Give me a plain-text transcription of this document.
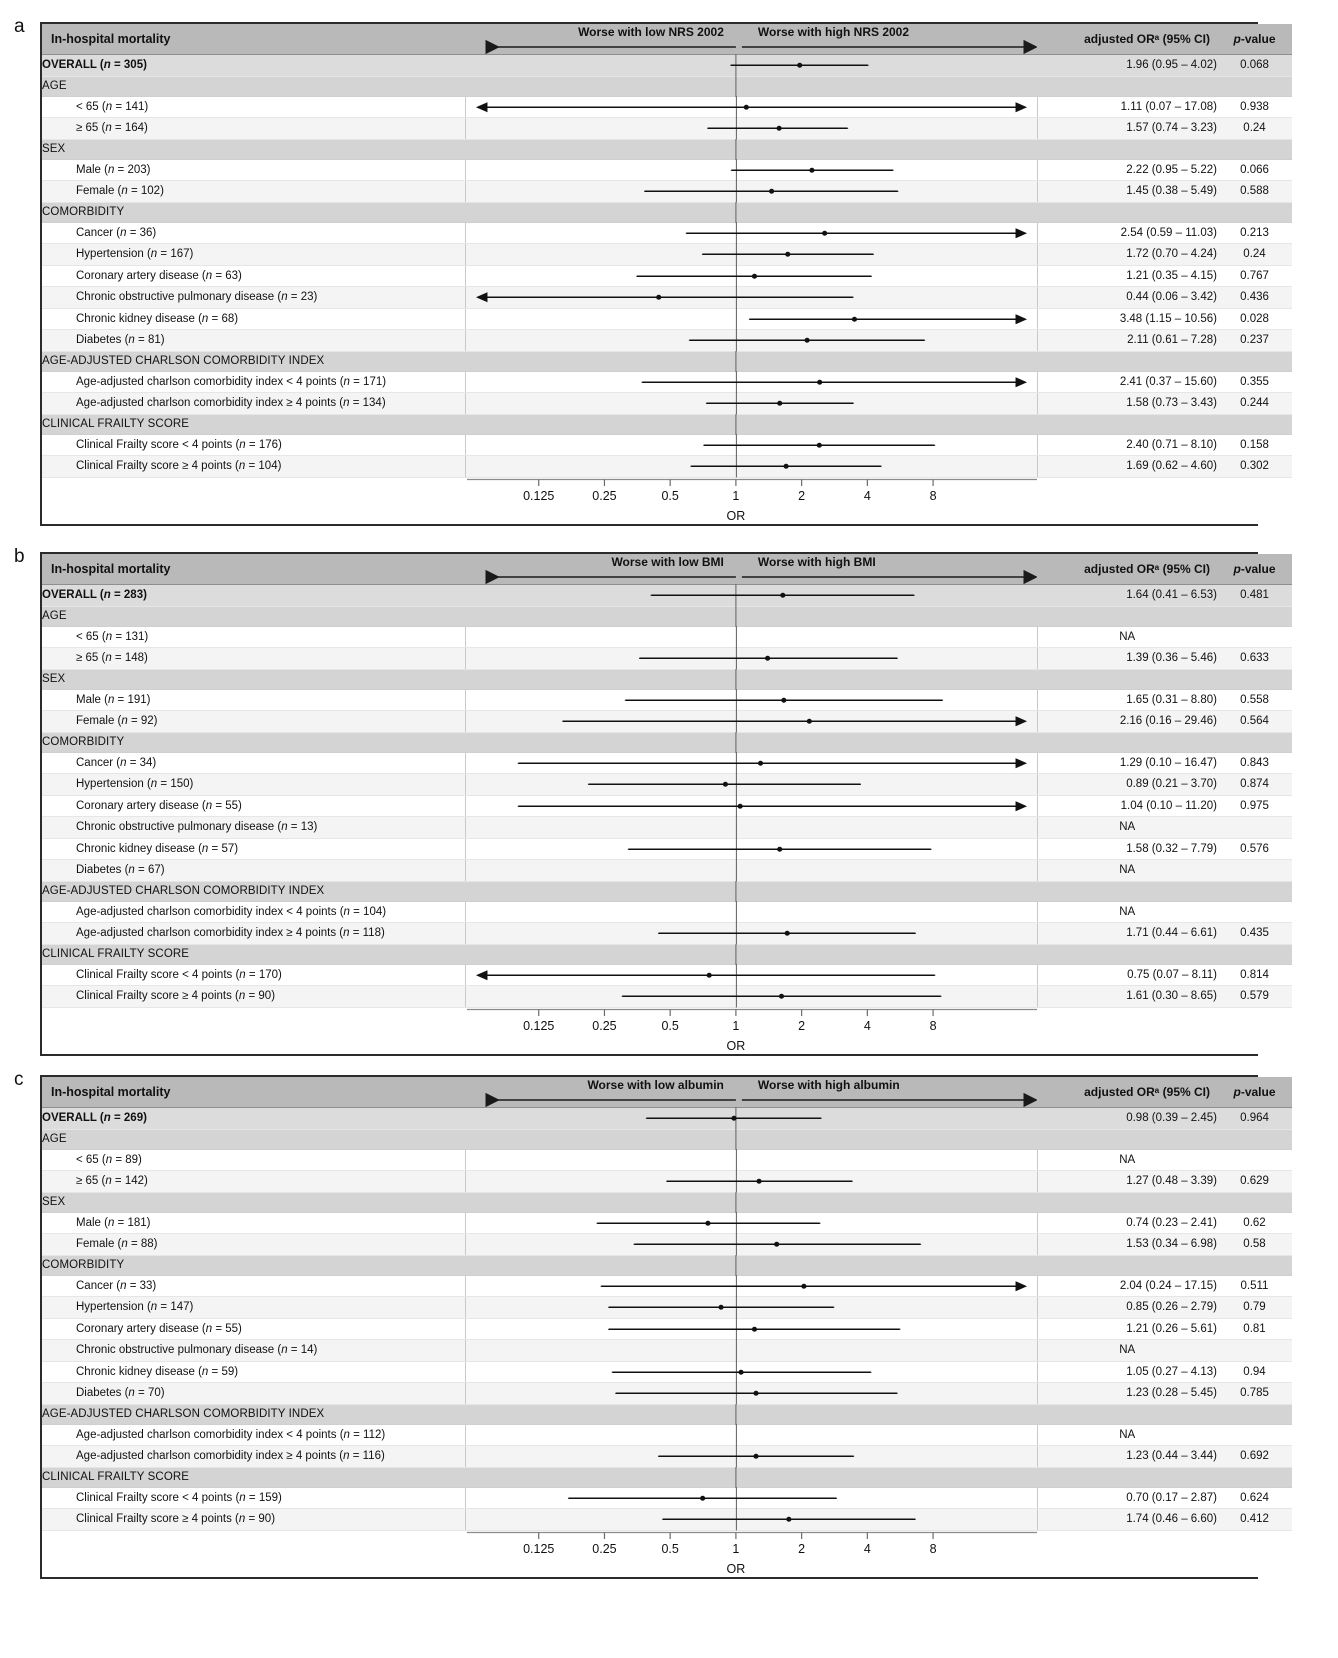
a
In-hospital mortality	Worse with low NRS 2002 Worse with high NRS 2002	adjusted ORᵃ (95% CI)	p-value
OVERALL (n = 305)		1.96 (0.95 – 4.02)	0.068
AGE	

< 65 (n = 141)		1.11 (0.07 – 17.08)	0.938
≥ 65 (n = 164)		1.57 (0.74 – 3.23)	0.24
SEX	

Male (n = 203)		2.22 (0.95 – 5.22)	0.066
Female (n = 102)		1.45 (0.38 – 5.49)	0.588
COMORBIDITY	

Cancer (n = 36)		2.54 (0.59 – 11.03)	0.213
Hypertension (n = 167)		1.72 (0.70 – 4.24)	0.24
Coronary artery disease (n = 63)		1.21 (0.35 – 4.15)	0.767
Chronic obstructive pulmonary disease (n = 23)		0.44 (0.06 – 3.42)	0.436
Chronic kidney disease (n = 68)		3.48 (1.15 – 10.56)	0.028
Diabetes (n = 81)		2.11 (0.61 – 7.28)	0.237
AGE-ADJUSTED CHARLSON COMORBIDITY INDEX	

Age-adjusted charlson comorbidity index < 4 points (n = 171)		2.41 (0.37 – 15.60)	0.355
Age-adjusted charlson comorbidity index ≥ 4 points (n = 134)		1.58 (0.73 – 3.43)	0.244
CLINICAL FRAILTY SCORE	

Clinical Frailty score < 4 points (n = 176)		2.40 (0.71 – 8.10)	0.158
Clinical Frailty score ≥ 4 points (n = 104)		1.69 (0.62 – 4.60)	0.302

0.125	0.25	0.5	1	2	4	8
OR

b
In-hospital mortality	Worse with low BMI Worse with high BMI	adjusted ORᵃ (95% CI)	p-value
OVERALL (n = 283)		1.64 (0.41 – 6.53)	0.481
AGE	

< 65 (n = 131)		NA	
≥ 65 (n = 148)		1.39 (0.36 – 5.46)	0.633
SEX	

Male (n = 191)		1.65 (0.31 – 8.80)	0.558
Female (n = 92)		2.16 (0.16 – 29.46)	0.564
COMORBIDITY	

Cancer (n = 34)		1.29 (0.10 – 16.47)	0.843
Hypertension (n = 150)		0.89 (0.21 – 3.70)	0.874
Coronary artery disease (n = 55)		1.04 (0.10 – 11.20)	0.975
Chronic obstructive pulmonary disease (n = 13)		NA	
Chronic kidney disease (n = 57)		1.58 (0.32 – 7.79)	0.576
Diabetes (n = 67)		NA	
AGE-ADJUSTED CHARLSON COMORBIDITY INDEX	

Age-adjusted charlson comorbidity index < 4 points (n = 104)		NA	
Age-adjusted charlson comorbidity index ≥ 4 points (n = 118)		1.71 (0.44 – 6.61)	0.435
CLINICAL FRAILTY SCORE	

Clinical Frailty score < 4 points (n = 170)		0.75 (0.07 – 8.11)	0.814
Clinical Frailty score ≥ 4 points (n = 90)		1.61 (0.30 – 8.65)	0.579

0.125	0.25	0.5	1	2	4	8
OR

c
In-hospital mortality	Worse with low albumin Worse with high albumin	adjusted ORᵃ (95% CI)	p-value
OVERALL (n = 269)		0.98 (0.39 – 2.45)	0.964
AGE	

< 65 (n = 89)		NA	
≥ 65 (n = 142)		1.27 (0.48 – 3.39)	0.629
SEX	

Male (n = 181)		0.74 (0.23 – 2.41)	0.62
Female (n = 88)		1.53 (0.34 – 6.98)	0.58
COMORBIDITY	

Cancer (n = 33)		2.04 (0.24 – 17.15)	0.511
Hypertension (n = 147)		0.85 (0.26 – 2.79)	0.79
Coronary artery disease (n = 55)		1.21 (0.26 – 5.61)	0.81
Chronic obstructive pulmonary disease (n = 14)		NA	
Chronic kidney disease (n = 59)		1.05 (0.27 – 4.13)	0.94
Diabetes (n = 70)		1.23 (0.28 – 5.45)	0.785
AGE-ADJUSTED CHARLSON COMORBIDITY INDEX	

Age-adjusted charlson comorbidity index < 4 points (n = 112)		NA	
Age-adjusted charlson comorbidity index ≥ 4 points (n = 116)		1.23 (0.44 – 3.44)	0.692
CLINICAL FRAILTY SCORE	

Clinical Frailty score < 4 points (n = 159)		0.70 (0.17 – 2.87)	0.624
Clinical Frailty score ≥ 4 points (n = 90)		1.74 (0.46 – 6.60)	0.412

0.125	0.25	0.5	1	2	4	8
OR
